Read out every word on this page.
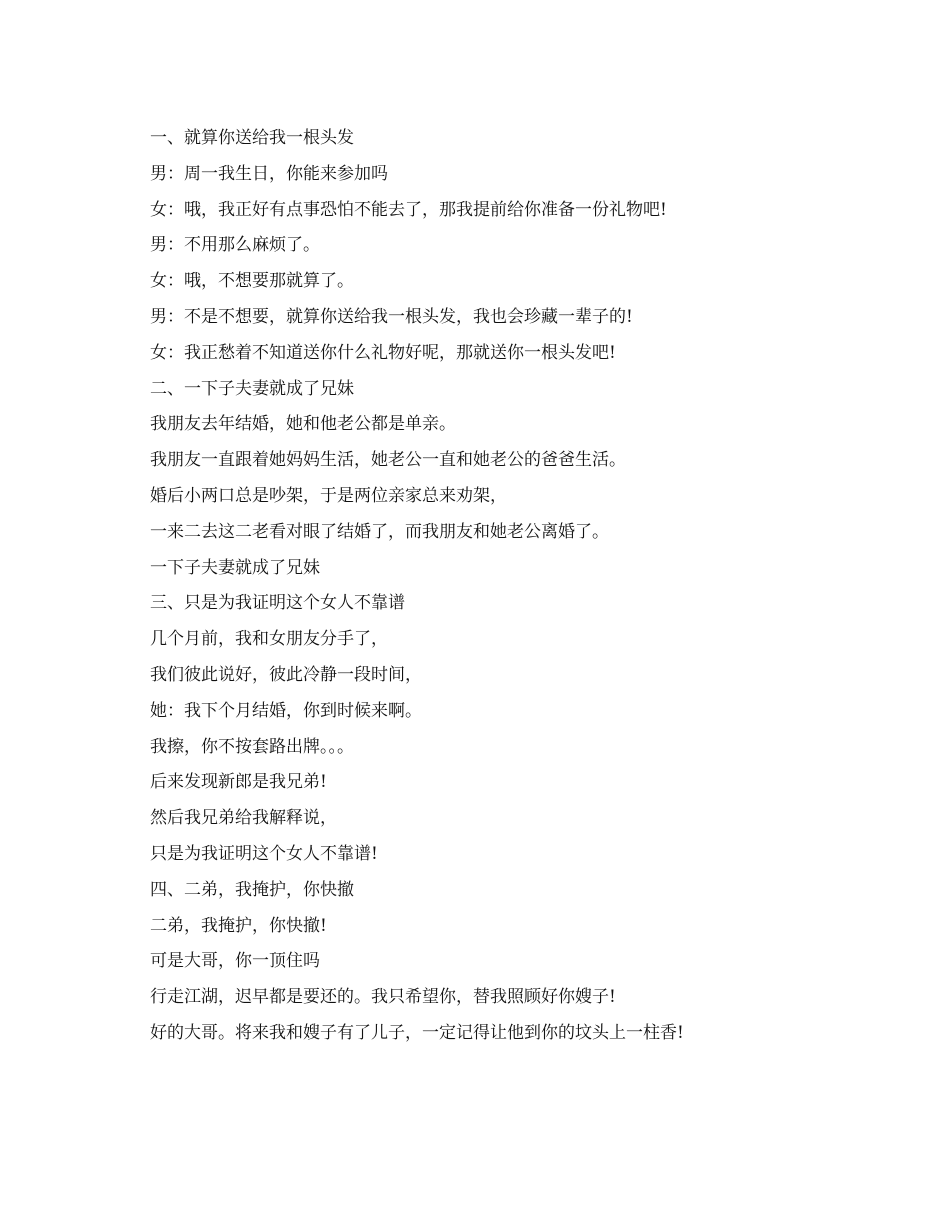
一、就算你送给我一根头发
男：周一我生日，你能来参加吗
女：哦，我正好有点事恐怕不能去了，那我提前给你准备一份礼物吧!
男：不用那么麻烦了。
女：哦，不想要那就算了。
男：不是不想要，就算你送给我一根头发，我也会珍藏一辈子的!
女：我正愁着不知道送你什么礼物好呢，那就送你一根头发吧!
二、一下子夫妻就成了兄妹
我朋友去年结婚，她和他老公都是单亲。
我朋友一直跟着她妈妈生活，她老公一直和她老公的爸爸生活。
婚后小两口总是吵架，于是两位亲家总来劝架，
一来二去这二老看对眼了结婚了，而我朋友和她老公离婚了。
一下子夫妻就成了兄妹
三、只是为我证明这个女人不靠谱
几个月前，我和女朋友分手了，
我们彼此说好，彼此冷静一段时间，
她：我下个月结婚，你到时候来啊。
我擦，你不按套路出牌。。。
后来发现新郎是我兄弟!
然后我兄弟给我解释说，
只是为我证明这个女人不靠谱!
四、二弟，我掩护，你快撤
二弟，我掩护，你快撤!
可是大哥，你一顶住吗
行走江湖，迟早都是要还的。我只希望你，替我照顾好你嫂子!
好的大哥。将来我和嫂子有了儿子，一定记得让他到你的坟头上一柱香!
